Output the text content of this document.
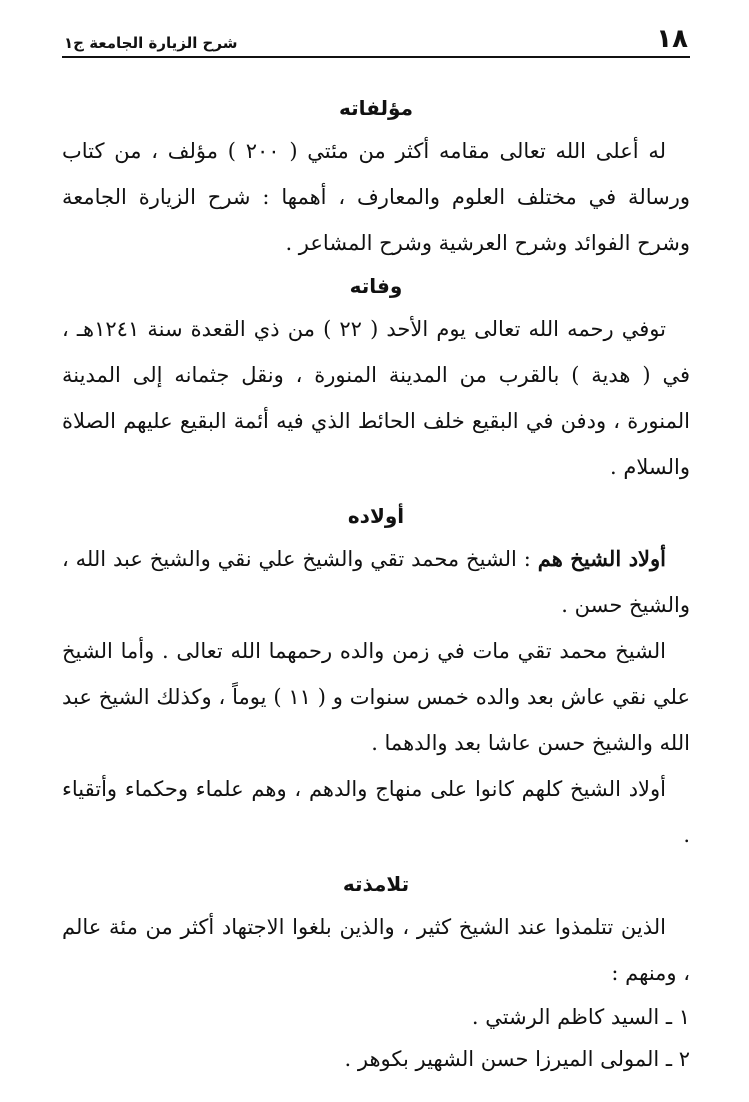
١٨
شرح الزيارة الجامعة ج١
مؤلفاته

له أعلى الله تعالى مقامه أكثر من مئتي ( ٢٠٠ ) مؤلف ، من كتاب ورسالة في مختلف العلوم والمعارف ، أهمها : شرح الزيارة الجامعة وشرح الفوائد وشرح العرشية وشرح المشاعر .

وفاته

توفي رحمه الله تعالى يوم الأحد ( ٢٢ ) من ذي القعدة سنة ١٢٤١هـ ، في ( هدية ) بالقرب من المدينة المنورة ، ونقل جثمانه إلى المدينة المنورة ، ودفن في البقيع خلف الحائط الذي فيه أئمة البقيع عليهم الصلاة والسلام .

أولاده

أولاد الشيخ هم : الشيخ محمد تقي والشيخ علي نقي والشيخ عبد الله ، والشيخ حسن .

الشيخ محمد تقي مات في زمن والده رحمهما الله تعالى . وأما الشيخ علي نقي عاش بعد والده خمس سنوات و ( ١١ ) يوماً ، وكذلك الشيخ عبد الله والشيخ حسن عاشا بعد والدهما .

أولاد الشيخ كلهم كانوا على منهاج والدهم ، وهم علماء وحكماء وأتقياء .

تلامذته

الذين تتلمذوا عند الشيخ كثير ، والذين بلغوا الاجتهاد أكثر من مئة عالم ، ومنهم :

١ ـ السيد كاظم الرشتي .

٢ ـ المولى الميرزا حسن الشهير بكوهر .
